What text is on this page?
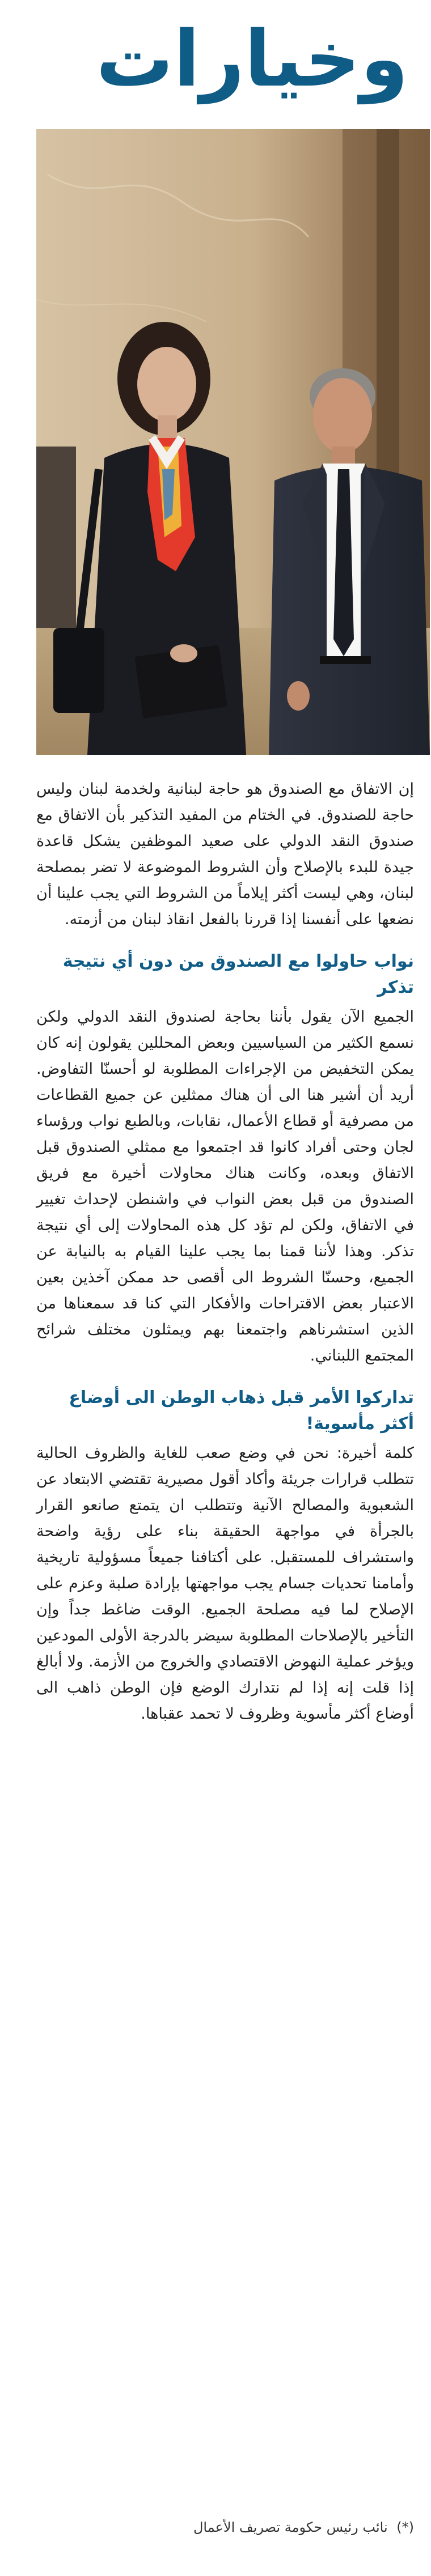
وخيارات

إن الاتفاق مع الصندوق هو حاجة لبنانية ولخدمة لبنان وليس حاجة للصندوق. في الختام من المفيد التذكير بأن الاتفاق مع صندوق النقد الدولي على صعيد الموظفين يشكل قاعدة جيدة للبدء بالإصلاح وأن الشروط الموضوعة لا تضر بمصلحة لبنان، وهي ليست أكثر إيلاماً من الشروط التي يجب علينا أن نضعها على أنفسنا إذا قررنا بالفعل انقاذ لبنان من أزمته.

نواب حاولوا مع الصندوق من دون أي نتيجة تذكر

الجميع الآن يقول بأننا بحاجة لصندوق النقد الدولي ولكن نسمع الكثير من السياسيين وبعض المحللين يقولون إنه كان يمكن التخفيض من الإجراءات المطلوبة لو أحسنّا التفاوض. أريد أن أشير هنا الى أن هناك ممثلين عن جميع القطاعات من مصرفية أو قطاع الأعمال، نقابات، وبالطبع نواب ورؤساء لجان وحتى أفراد كانوا قد اجتمعوا مع ممثلي الصندوق قبل الاتفاق وبعده، وكانت هناك محاولات أخيرة مع فريق الصندوق من قبل بعض النواب في واشنطن لإحداث تغيير في الاتفاق، ولكن لم تؤد كل هذه المحاولات إلى أي نتيجة تذكر. وهذا لأننا قمنا بما يجب علينا القيام به بالنيابة عن الجميع، وحسنّا الشروط الى أقصى حد ممكن آخذين بعين الاعتبار بعض الاقتراحات والأفكار التي كنا قد سمعناها من الذين استشرناهم واجتمعنا بهم ويمثلون مختلف شرائح المجتمع اللبناني.

تداركوا الأمر قبل ذهاب الوطن الى أوضاع أكثر مأسوية!

كلمة أخيرة: نحن في وضع صعب للغاية والظروف الحالية تتطلب قرارات جريئة وأكاد أقول مصيرية تقتضي الابتعاد عن الشعبوية والمصالح الآنية وتتطلب ان يتمتع صانعو القرار بالجرأة في مواجهة الحقيقة بناء على رؤية واضحة واستشراف للمستقبل. على أكتافنا جميعاً مسؤولية تاريخية وأمامنا تحديات جسام يجب مواجهتها بإرادة صلبة وعزم على الإصلاح لما فيه مصلحة الجميع. الوقت ضاغط جداً وإن التأخير بالإصلاحات المطلوبة سيضر بالدرجة الأولى المودعين ويؤخر عملية النهوض الاقتصادي والخروج من الأزمة. ولا أبالغ إذا قلت إنه إذا لم نتدارك الوضع فإن الوطن ذاهب الى أوضاع أكثر مأسوية وظروف لا تحمد عقباها.

(*) نائب رئيس حكومة تصريف الأعمال
